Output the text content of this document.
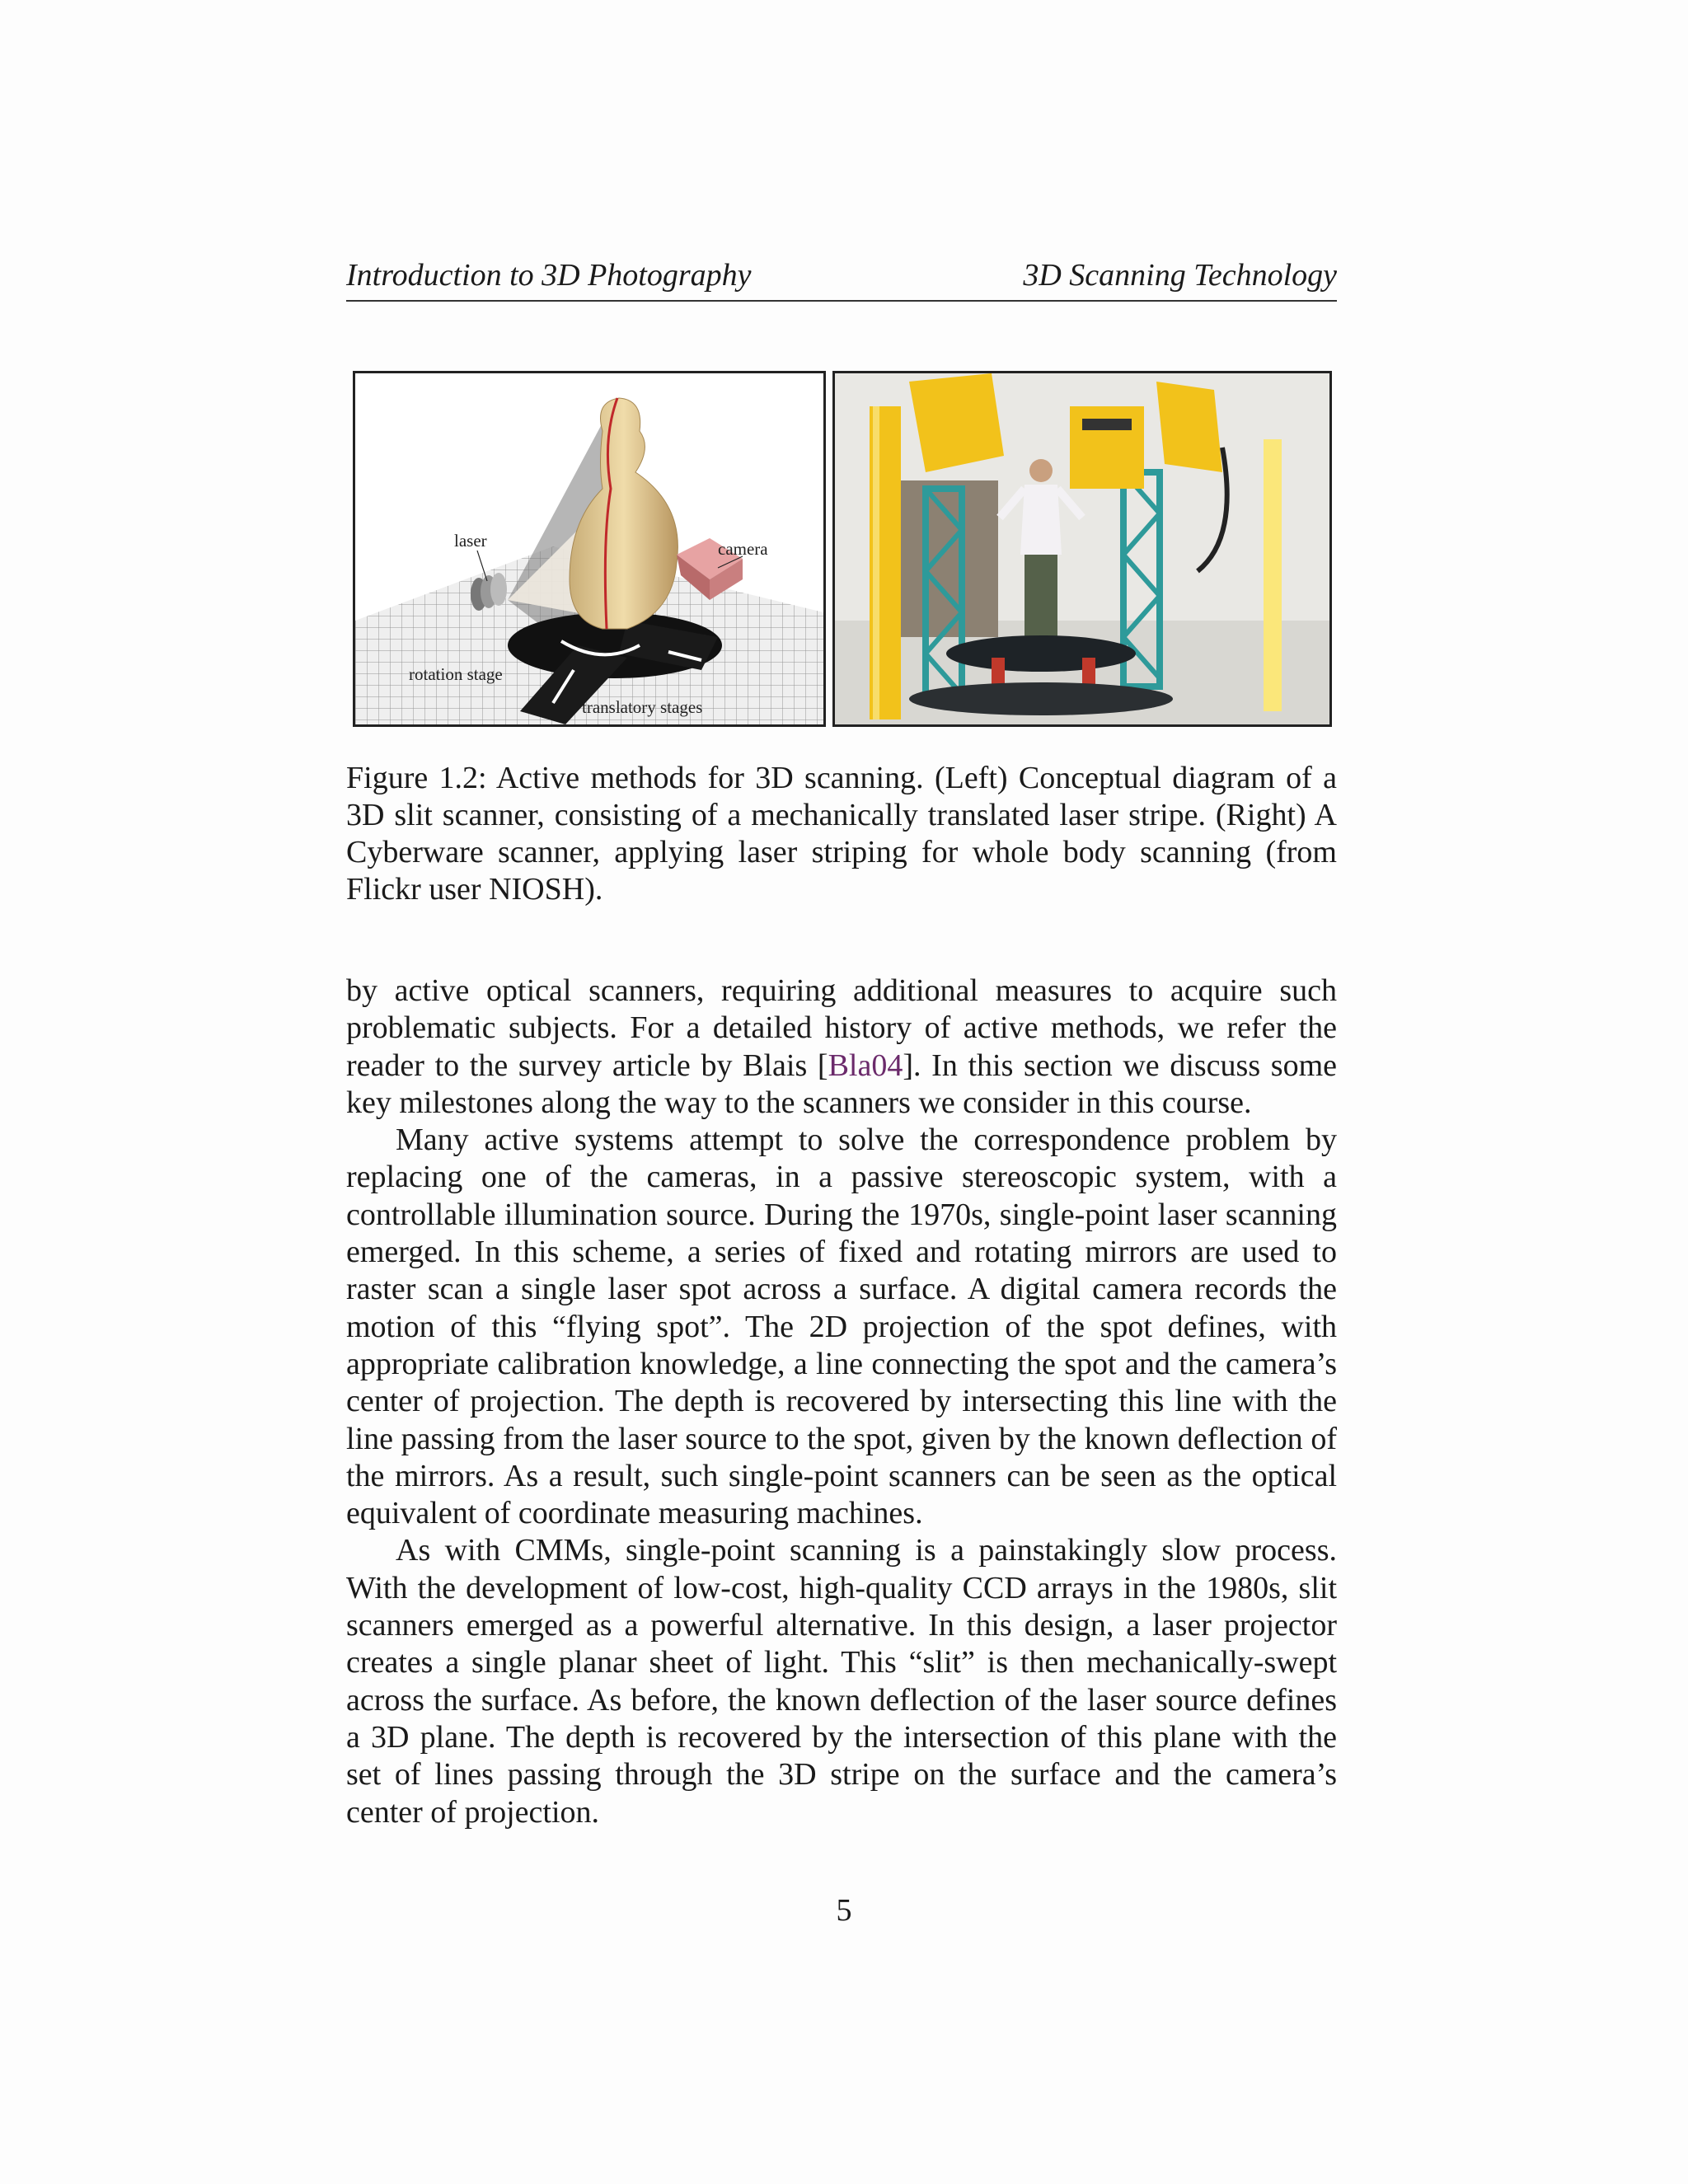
Introduction to 3D Photography	3D Scanning Technology
laser	camera
rotation stage
translatory stages
Figure 1.2: Active methods for 3D scanning. (Left) Conceptual diagram of a 3D slit scanner, consisting of a mechanically translated laser stripe. (Right) A Cyberware scanner, applying laser striping for whole body scanning (from Flickr user NIOSH).

by active optical scanners, requiring additional measures to acquire such problematic subjects. For a detailed history of active methods, we refer the reader to the survey article by Blais [Bla04]. In this section we discuss some key milestones along the way to the scanners we consider in this course.

Many active systems attempt to solve the correspondence problem by replacing one of the cameras, in a passive stereoscopic system, with a controllable illumination source. During the 1970s, single-point laser scanning emerged. In this scheme, a series of fixed and rotating mirrors are used to raster scan a single laser spot across a surface. A digital camera records the motion of this “flying spot”. The 2D projection of the spot defines, with appropriate calibration knowledge, a line connecting the spot and the camera’s center of projection. The depth is recovered by intersecting this line with the line passing from the laser source to the spot, given by the known deflection of the mirrors. As a result, such single-point scanners can be seen as the optical equivalent of coordinate measuring machines.

As with CMMs, single-point scanning is a painstakingly slow process. With the development of low-cost, high-quality CCD arrays in the 1980s, slit scanners emerged as a powerful alternative. In this design, a laser projector creates a single planar sheet of light. This “slit” is then mechanically-swept across the surface. As before, the known deflection of the laser source defines a 3D plane. The depth is recovered by the intersection of this plane with the set of lines passing through the 3D stripe on the surface and the camera’s center of projection.

5
